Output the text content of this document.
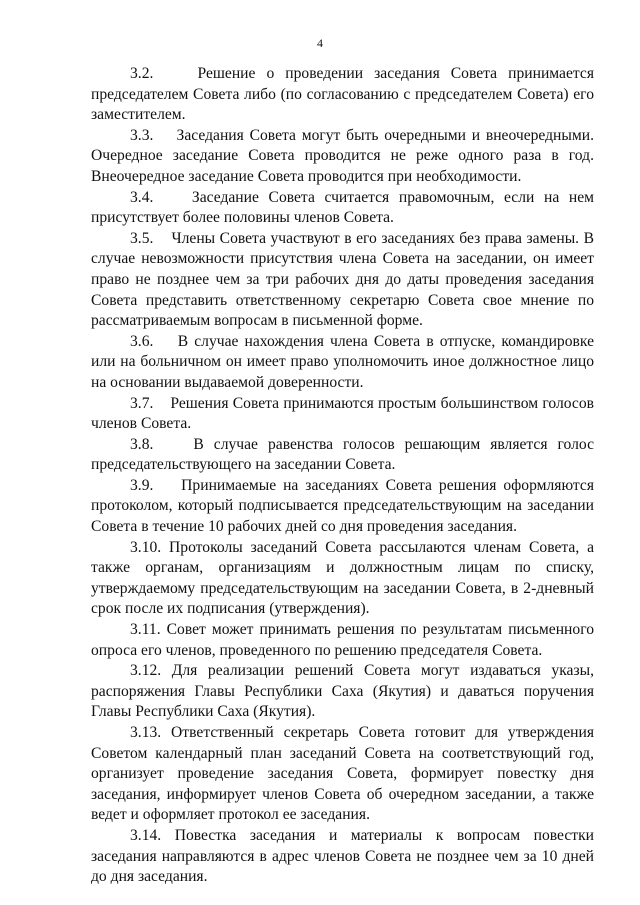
4

3.2.	Решение о проведении заседания Совета принимается председателем Совета либо (по согласованию с председателем Совета) его заместителем.

3.3. Заседания Совета могут быть очередными и внеочередными. Очередное заседание Совета проводится не реже одного раза в год. Внеочередное заседание Совета проводится при необходимости.

3.4. Заседание Совета считается правомочным, если на нем присутствует более половины членов Совета.

3.5. Члены Совета участвуют в его заседаниях без права замены. В случае невозможности присутствия члена Совета на заседании, он имеет право не позднее чем за три рабочих дня до даты проведения заседания Совета представить ответственному секретарю Совета свое мнение по рассматриваемым вопросам в письменной форме.

3.6. В случае нахождения члена Совета в отпуске, командировке или на больничном он имеет право уполномочить иное должностное лицо на основании выдаваемой доверенности.

3.7. Решения Совета принимаются простым большинством голосов членов Совета.

3.8.	В случае равенства голосов решающим является голос председательствующего на заседании Совета.

3.9. Принимаемые на заседаниях Совета решения оформляются протоколом, который подписывается председательствующим на заседании Совета в течение 10 рабочих дней со дня проведения заседания.

3.10. Протоколы заседаний Совета рассылаются членам Совета, а также органам, организациям и должностным лицам по списку, утверждаемому председательствующим на заседании Совета, в 2-дневный срок после их подписания (утверждения).

3.11. Совет может принимать решения по результатам письменного опроса его членов, проведенного по решению председателя Совета.

3.12. Для реализации решений Совета могут издаваться указы, распоряжения Главы Республики Саха (Якутия) и даваться поручения Главы Республики Саха (Якутия).

3.13. Ответственный секретарь Совета готовит для утверждения Советом календарный план заседаний Совета на соответствующий год, организует проведение заседания Совета, формирует повестку дня заседания, информирует членов Совета об очередном заседании, а также ведет и оформляет протокол ее заседания.

3.14. Повестка заседания и материалы к вопросам повестки заседания направляются в адрес членов Совета не позднее чем за 10 дней до дня заседания.
